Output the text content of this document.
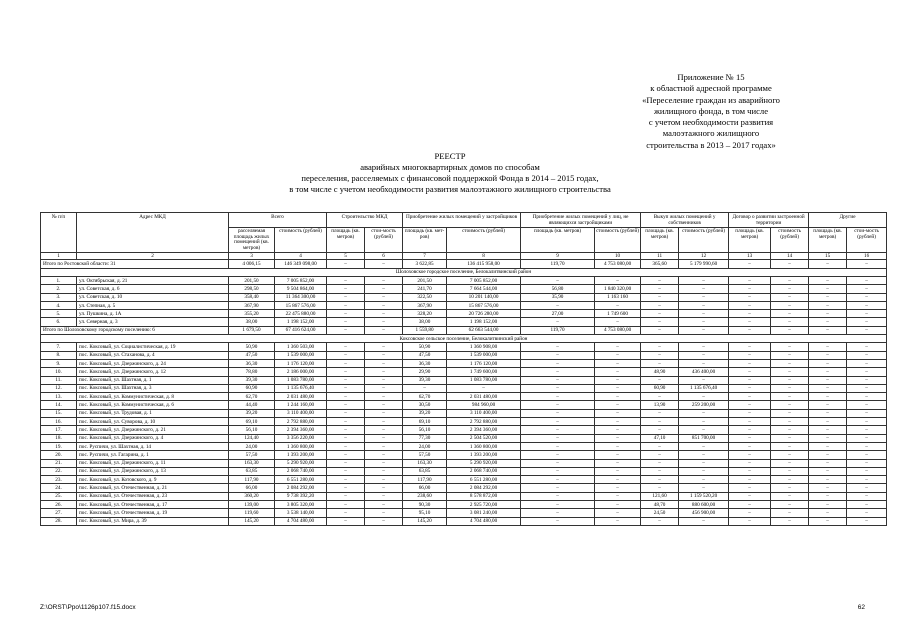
Приложение № 15
к областной адресной программе
«Переселение граждан из аварийного
жилищного фонда, в том числе
с учетом необходимости развития
малоэтажного жилищного
строительства в 2013 – 2017 годах»
РЕЕСТР
аварийных многоквартирных домов по способам
переселения, расселяемых с финансовой поддержкой Фонда в 2014 – 2015 годах,
в том числе с учетом необходимости развития малоэтажного жилищного строительства
№ п/п	Адрес МКД	Всего		Строительство МКД		Приобретение жилых помещений у застройщиков		Приобретение жилых помещений у лиц, не являющихся застройщиками		Выкуп жилых помещений у собственников		Договор о развитии застроенной территории		Другие	
		расселяемая площадь жилых помещений (кв. метров)	стоимость (рублей)	площадь (кв. метров)	стои-мость (рублей)	площадь (кв. мет-ров)	стоимость (рублей)	площадь (кв. метров)	стоимость (рублей)	площадь (кв. метров)	стоимость (рублей)	площадь (кв. метров)	стоимость (рублей)	площадь (кв. метров)	стои-мость (рублей)
1	2	3	4	5	6	7	8	9	10	11	12	13	14	15	16
Итого по Ростовской области: 31		4 006,15	146 349 098,00	–	–	3 622,85	136 415 958,00	119,70	4 753 080,00	365,60	5 179 990,60	–	–	–	–
Шолоховское городское поселение, Белокалитвинский район															
1.	ул. Октябрьская, д. 21	201,50	7 005 852,00	–	–	201,50	7 005 852,00	–	–	–	–	–	–	–	–
2.	ул. Советская, д. 6	298,50	9 504 864,00	–	–	241,70	7 664 544,00	56,80	1 840 320,00	–	–	–	–	–	–
3.	ул. Советская, д. 10	358,40	11 364 300,00	–	–	322,50	10 201 140,00	35,90	1 163 160	–	–	–	–	–	–
4.	ул. Степная, д. 5	367,90	15 867 576,00	–	–	367,90	15 867 576,00	–	–	–	–	–	–	–	–
5.	ул. Пушкина, д. 1А	355,20	22 475 880,00	–	–	328,20	20 726 280,00	27,00	1 749 600	–	–	–	–	–	–
6.	ул. Северная, д. 3	38,00	1 198 152,00	–	–	38,00	1 198 152,00	–	–	–	–	–	–	–	–
Итого по Шолоховскому городскому поселению: 6		1 679,50	67 416 624,00	–	–	1 559,80	62 663 544,00	119,70	4 753 080,00	–	–	–	–	–	–
Коксовское сельское поселение, Белокалитвинский район															
7.	пос. Коксовый, ул. Социалистическая, д. 19	50,90	1 360 503,00	–	–	50,90	1 360 908,00	–	–	–	–	–	–	–	–
8.	пос. Коксовый, ул. Стаханова, д. 4	47,50	1 539 000,00	–	–	47,50	1 539 000,00	–	–	–	–	–	–	–	–
9.	пос. Коксовый, ул. Дзержинского, д. 24	36,30	1 176 120,00	–	–	36,30	1 176 120,00	–	–	–	–	–	–	–	–
10.	пос. Коксовый, ул. Дзержинского, д. 12	78,80	2 186 000,00	–	–	29,90	1 749 600,00	–	–	48,90	436 400,00	–	–	–	–
11.	пос. Коксовый, ул. Шахтная, д. 1	39,30	1 083 780,00	–	–	39,30	1 083 780,00	–	–	–	–	–	–	–	–
12.	пос. Коксовый, ул. Шахтная, д. 3	60,90	1 135 676,40	–	–	–	–	–	–	60,90	1 135 676,40	–	–	–	–
13.	пос. Коксовый, ул. Коммунистическая, д. 8	62,70	2 031 480,00	–	–	62,70	2 031 480,00	–	–	–	–	–	–	–	–
14.	пос. Коксовый, ул. Коммунистическая, д. 6	44,40	1 244 160,00	–	–	30,50	984 960,00	–	–	13,90	259 200,00	–	–	–	–
15.	пос. Коксовый, ул. Трудовая, д. 1	39,20	3 110 400,00	–	–	39,20	3 110 400,00	–	–	–	–	–	–	–	–
16.	пос. Коксовый, ул. Суворова, д. 10	69,10	2 792 880,00	–	–	69,10	2 792 880,00	–	–	–	–	–	–	–	–
17.	пос. Коксовый, ул. Дзержинского, д. 21	56,10	2 394 360,00	–	–	56,10	2 394 360,00	–	–	–	–	–	–	–	–
18.	пос. Коксовый, ул. Дзержинского, д. 4	124,40	3 356 220,00	–	–	77,30	2 504 520,00	–	–	47,10	851 700,00	–	–	–	–
19.	пос. Руспичи, ул. Шахтная, д. 14	24,00	1 360 800,00	–	–	24,00	1 360 800,00	–	–	–	–	–	–	–	–
20.	пос. Руспичи, ул. Гагарина, д. 1	57,50	1 393 200,00	–	–	57,50	1 393 200,00	–	–	–	–	–	–	–	–
21.	пос. Коксовый, ул. Дзержинского, д. 11	163,30	5 290 920,00	–	–	163,30	5 290 920,00	–	–	–	–	–	–	–	–
22.	пос. Коксовый, ул. Дзержинского, д. 13	63,85	2 068 740,00	–	–	63,85	2 068 740,00	–	–	–	–	–	–	–	–
23.	пос. Коксовый, ул. Котовского, д. 9	117,90	6 551 280,00	–	–	117,90	6 551 280,00	–	–	–	–	–	–	–	–
24.	пос. Коксовый, ул. Отечественная, д. 21	66,00	2 084 292,00	–	–	66,00	2 084 292,00	–	–	–	–	–	–	–	–
25.	пос. Коксовый, ул. Отечественная, д. 23	360,20	9 738 392,20	–	–	238,60	8 578 872,00	–	–	121,60	1 159 520,20	–	–	–	–
26.	пос. Коксовый, ул. Отечественная, д. 17	139,00	3 805 320,00	–	–	90,30	2 925 720,00	–	–	48,70	880 600,00	–	–	–	–
27.	пос. Коксовый, ул. Отечественная, д. 19	119,60	3 538 140,00	–	–	95,10	3 081 240,00	–	–	24,50	456 900,00	–	–	–	–
28.	пос. Коксовый, ул. Мира, д. 39	145,20	4 704 480,00	–	–	145,20	4 704 480,00	–	–	–	–	–	–	–	–
Z:\ORST\Ppo\1126p107.f15.docx	62
